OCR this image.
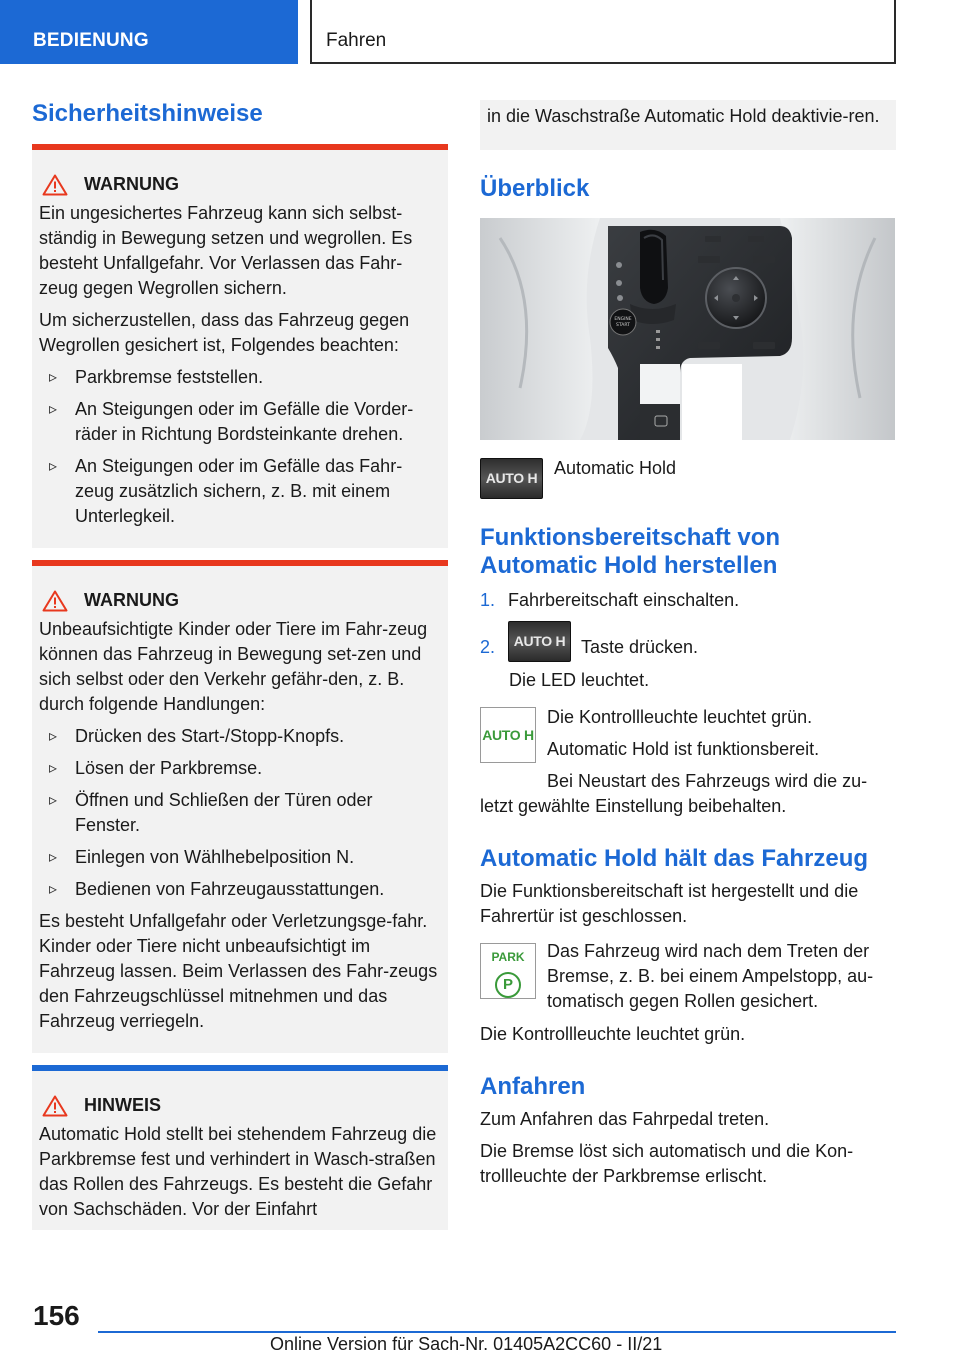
BEDIENUNG	Fahren
Sicherheitshinweise
WARNUNG

Ein ungesichertes Fahrzeug kann sich selbst-ständig in Bewegung setzen und wegrollen. Es besteht Unfallgefahr. Vor Verlassen das Fahr-zeug gegen Wegrollen sichern.

Um sicherzustellen, dass das Fahrzeug gegen Wegrollen gesichert ist, Folgendes beachten:

▹ Parkbremse feststellen.
▹ An Steigungen oder im Gefälle die Vorder-räder in Richtung Bordsteinkante drehen.
▹ An Steigungen oder im Gefälle das Fahr-zeug zusätzlich sichern, z. B. mit einem Unterlegkeil.
WARNUNG

Unbeaufsichtigte Kinder oder Tiere im Fahr-zeug können das Fahrzeug in Bewegung set-zen und sich selbst oder den Verkehr gefähr-den, z. B. durch folgende Handlungen:

▹ Drücken des Start-/Stopp-Knopfs.
▹ Lösen der Parkbremse.
▹ Öffnen und Schließen der Türen oder Fenster.
▹ Einlegen von Wählhebelposition N.
▹ Bedienen von Fahrzeugausstattungen.

Es besteht Unfallgefahr oder Verletzungsge-fahr. Kinder oder Tiere nicht unbeaufsichtigt im Fahrzeug lassen. Beim Verlassen des Fahr-zeugs den Fahrzeugschlüssel mitnehmen und das Fahrzeug verriegeln.

HINWEIS

Automatic Hold stellt bei stehendem Fahrzeug die Parkbremse fest und verhindert in Wasch-straßen das Rollen des Fahrzeugs. Es besteht die Gefahr von Sachschäden. Vor der Einfahrt

in die Waschstraße Automatic Hold deaktivie-ren.
Überblick
ENGINE
START
AUTO H Automatic Hold
Funktionsbereitschaft von Automatic Hold herstellen
1. Fahrbereitschaft einschalten.
2.	AUTO H Taste drücken.
Die LED leuchtet.
AUTO H
Die Kontrollleuchte leuchtet grün.
Automatic Hold ist funktionsbereit.
Bei Neustart des Fahrzeugs wird die zu-
letzt gewählte Einstellung beibehalten.
Automatic Hold hält das Fahrzeug
Die Funktionsbereitschaft ist hergestellt und die Fahrertür ist geschlossen.
PARK
P
Das Fahrzeug wird nach dem Treten der Bremse, z. B. bei einem Ampelstopp, au-tomatisch gegen Rollen gesichert.
Die Kontrollleuchte leuchtet grün.
Anfahren
Zum Anfahren das Fahrpedal treten.
Die Bremse löst sich automatisch und die Kon-trollleuchte der Parkbremse erlischt.
156
Online Version für Sach-Nr. 01405A2CC60 - II/21
